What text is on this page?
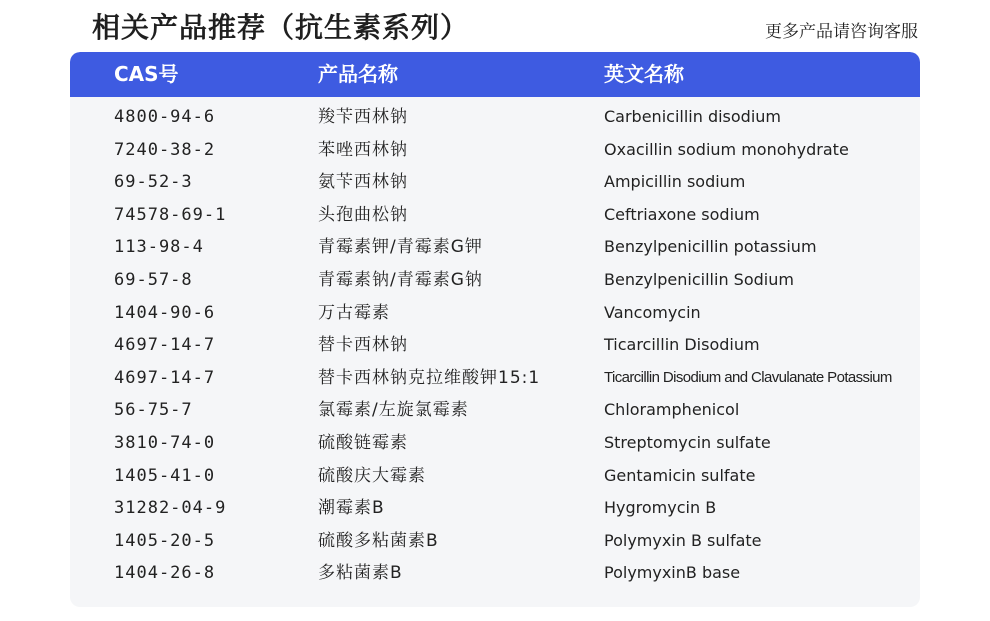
相关产品推荐（抗生素系列）	更多产品请咨询客服
CAS号	产品名称	英文名称
4800-94-6	羧苄西林钠	Carbenicillin disodium
7240-38-2	苯唑西林钠	Oxacillin sodium monohydrate
69-52-3	氨苄西林钠	Ampicillin sodium
74578-69-1	头孢曲松钠	Ceftriaxone sodium
113-98-4	青霉素钾/青霉素G钾	Benzylpenicillin potassium
69-57-8	青霉素钠/青霉素G钠	Benzylpenicillin Sodium
1404-90-6	万古霉素	Vancomycin
4697-14-7	替卡西林钠	Ticarcillin Disodium
4697-14-7	替卡西林钠克拉维酸钾15:1	Ticarcillin Disodium and Clavulanate Potassium
56-75-7	氯霉素/左旋氯霉素	Chloramphenicol
3810-74-0	硫酸链霉素	Streptomycin sulfate
1405-41-0	硫酸庆大霉素	Gentamicin sulfate
31282-04-9	潮霉素B	Hygromycin B
1405-20-5	硫酸多粘菌素B	Polymyxin B sulfate
1404-26-8	多粘菌素B	PolymyxinB base
